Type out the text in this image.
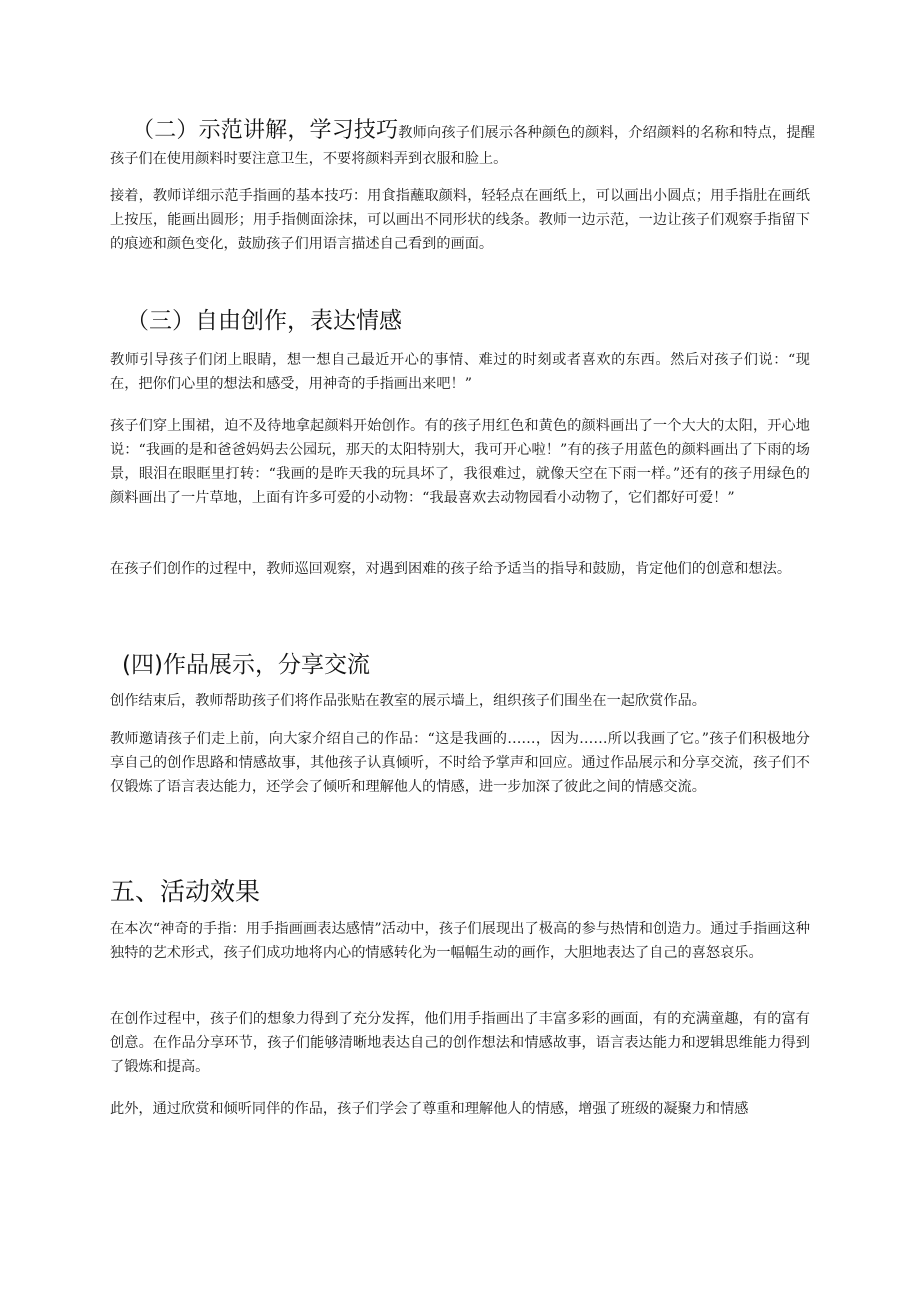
（二）示范讲解，学习技巧教师向孩子们展示各种颜色的颜料，介绍颜料的名称和特点，提醒孩子们在使用颜料时要注意卫生，不要将颜料弄到衣服和脸上。

接着，教师详细示范手指画的基本技巧：用食指蘸取颜料，轻轻点在画纸上，可以画出小圆点；用手指肚在画纸上按压，能画出圆形；用手指侧面涂抹，可以画出不同形状的线条。教师一边示范，一边让孩子们观察手指留下的痕迹和颜色变化，鼓励孩子们用语言描述自己看到的画面。

（三）自由创作，表达情感

教师引导孩子们闭上眼睛，想一想自己最近开心的事情、难过的时刻或者喜欢的东西。然后对孩子们说：“现在，把你们心里的想法和感受，用神奇的手指画出来吧！”

孩子们穿上围裙，迫不及待地拿起颜料开始创作。有的孩子用红色和黄色的颜料画出了一个大大的太阳，开心地说：“我画的是和爸爸妈妈去公园玩，那天的太阳特别大，我可开心啦！”有的孩子用蓝色的颜料画出了下雨的场景，眼泪在眼眶里打转：“我画的是昨天我的玩具坏了，我很难过，就像天空在下雨一样。”还有的孩子用绿色的颜料画出了一片草地，上面有许多可爱的小动物：“我最喜欢去动物园看小动物了，它们都好可爱！”

在孩子们创作的过程中，教师巡回观察，对遇到困难的孩子给予适当的指导和鼓励，肯定他们的创意和想法。

(四)作品展示，分享交流

创作结束后，教师帮助孩子们将作品张贴在教室的展示墙上，组织孩子们围坐在一起欣赏作品。

教师邀请孩子们走上前，向大家介绍自己的作品：“这是我画的……，因为……所以我画了它。”孩子们积极地分享自己的创作思路和情感故事，其他孩子认真倾听，不时给予掌声和回应。通过作品展示和分享交流，孩子们不仅锻炼了语言表达能力，还学会了倾听和理解他人的情感，进一步加深了彼此之间的情感交流。

五、活动效果

在本次“神奇的手指：用手指画画表达感情”活动中，孩子们展现出了极高的参与热情和创造力。通过手指画这种独特的艺术形式，孩子们成功地将内心的情感转化为一幅幅生动的画作，大胆地表达了自己的喜怒哀乐。

在创作过程中，孩子们的想象力得到了充分发挥，他们用手指画出了丰富多彩的画面，有的充满童趣，有的富有创意。在作品分享环节，孩子们能够清晰地表达自己的创作想法和情感故事，语言表达能力和逻辑思维能力得到了锻炼和提高。

此外，通过欣赏和倾听同伴的作品，孩子们学会了尊重和理解他人的情感，增强了班级的凝聚力和情感
